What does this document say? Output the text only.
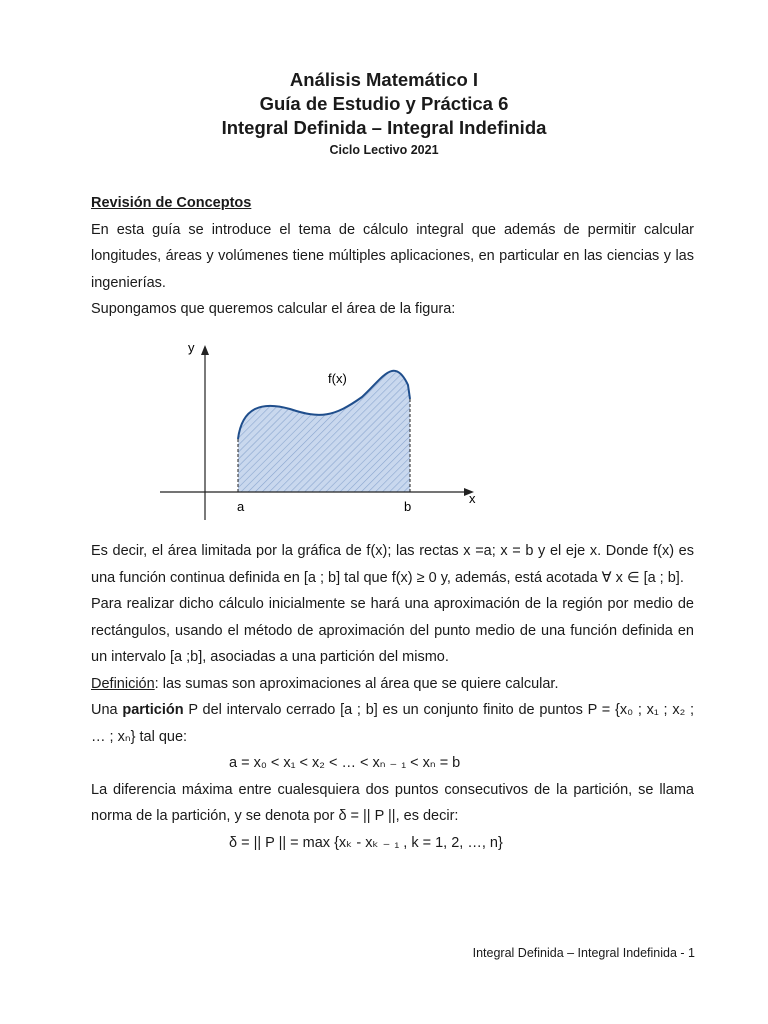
Análisis Matemático I

Guía de Estudio y Práctica 6

Integral Definida – Integral Indefinida

Ciclo Lectivo 2021

Revisión de Conceptos

En esta guía se introduce el tema de cálculo integral que además de permitir calcular longitudes, áreas y volúmenes tiene múltiples aplicaciones, en particular en las ciencias y las ingenierías.

Supongamos que queremos calcular el área de la figura:

y
x
f(x)
a	b

Es decir, el área limitada por la gráfica de f(x); las rectas x =a; x = b y el eje x. Donde f(x) es una función continua definida en [a ; b] tal que f(x) ≥ 0 y, además, está acotada ∀ x ∈ [a ; b].

Para realizar dicho cálculo inicialmente se hará una aproximación de la región por medio de rectángulos, usando el método de aproximación del punto medio de una función definida en un intervalo [a ;b], asociadas a una partición del mismo.

Definición: las sumas son aproximaciones al área que se quiere calcular.

Una partición P del intervalo cerrado [a ; b] es un conjunto finito de puntos P = {x₀ ; x₁ ; x₂ ; … ; xₙ} tal que:

a = x₀ < x₁ < x₂ < … < xₙ ₋ ₁ < xₙ = b

La diferencia máxima entre cualesquiera dos puntos consecutivos de la partición, se llama norma de la partición, y se denota por δ = || P ||, es decir:

δ = || P || = max {xₖ - xₖ ₋ ₁ , k = 1, 2, …, n}

Integral Definida – Integral Indefinida - 1
